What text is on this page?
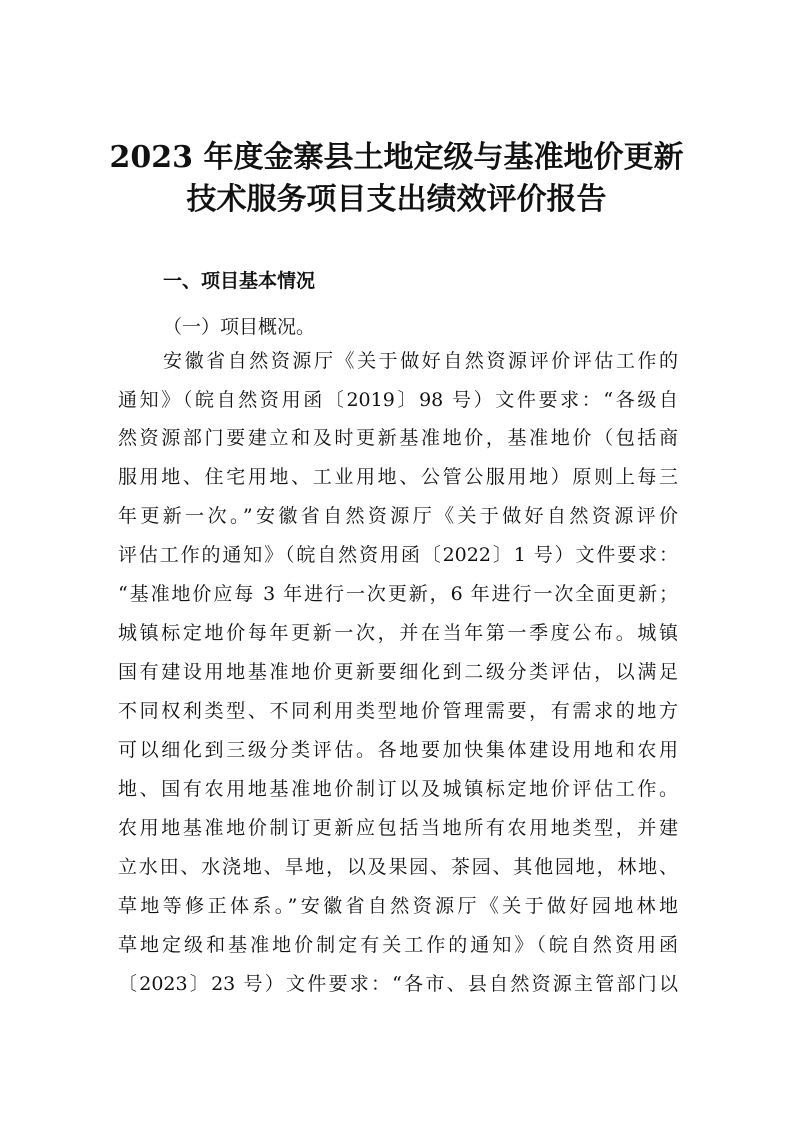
2023 年度金寨县土地定级与基准地价更新
技术服务项目支出绩效评价报告
一、项目基本情况
（一）项目概况。
安徽省自然资源厅《关于做好自然资源评价评估工作的
通知》（皖自然资用函〔2019〕98 号）文件要求：“各级自
然资源部门要建立和及时更新基准地价，基准地价（包括商
服用地、住宅用地、工业用地、公管公服用地）原则上每三
年更新一次。”安徽省自然资源厅《关于做好自然资源评价
评估工作的通知》（皖自然资用函〔2022〕1 号）文件要求：
“基准地价应每 3 年进行一次更新，6 年进行一次全面更新；
城镇标定地价每年更新一次，并在当年第一季度公布。城镇
国有建设用地基准地价更新要细化到二级分类评估，以满足
不同权利类型、不同利用类型地价管理需要，有需求的地方
可以细化到三级分类评估。各地要加快集体建设用地和农用
地、国有农用地基准地价制订以及城镇标定地价评估工作。
农用地基准地价制订更新应包括当地所有农用地类型，并建
立水田、水浇地、旱地，以及果园、茶园、其他园地，林地、
草地等修正体系。”安徽省自然资源厅《关于做好园地林地
草地定级和基准地价制定有关工作的通知》（皖自然资用函
〔2023〕23 号）文件要求：“各市、县自然资源主管部门以
